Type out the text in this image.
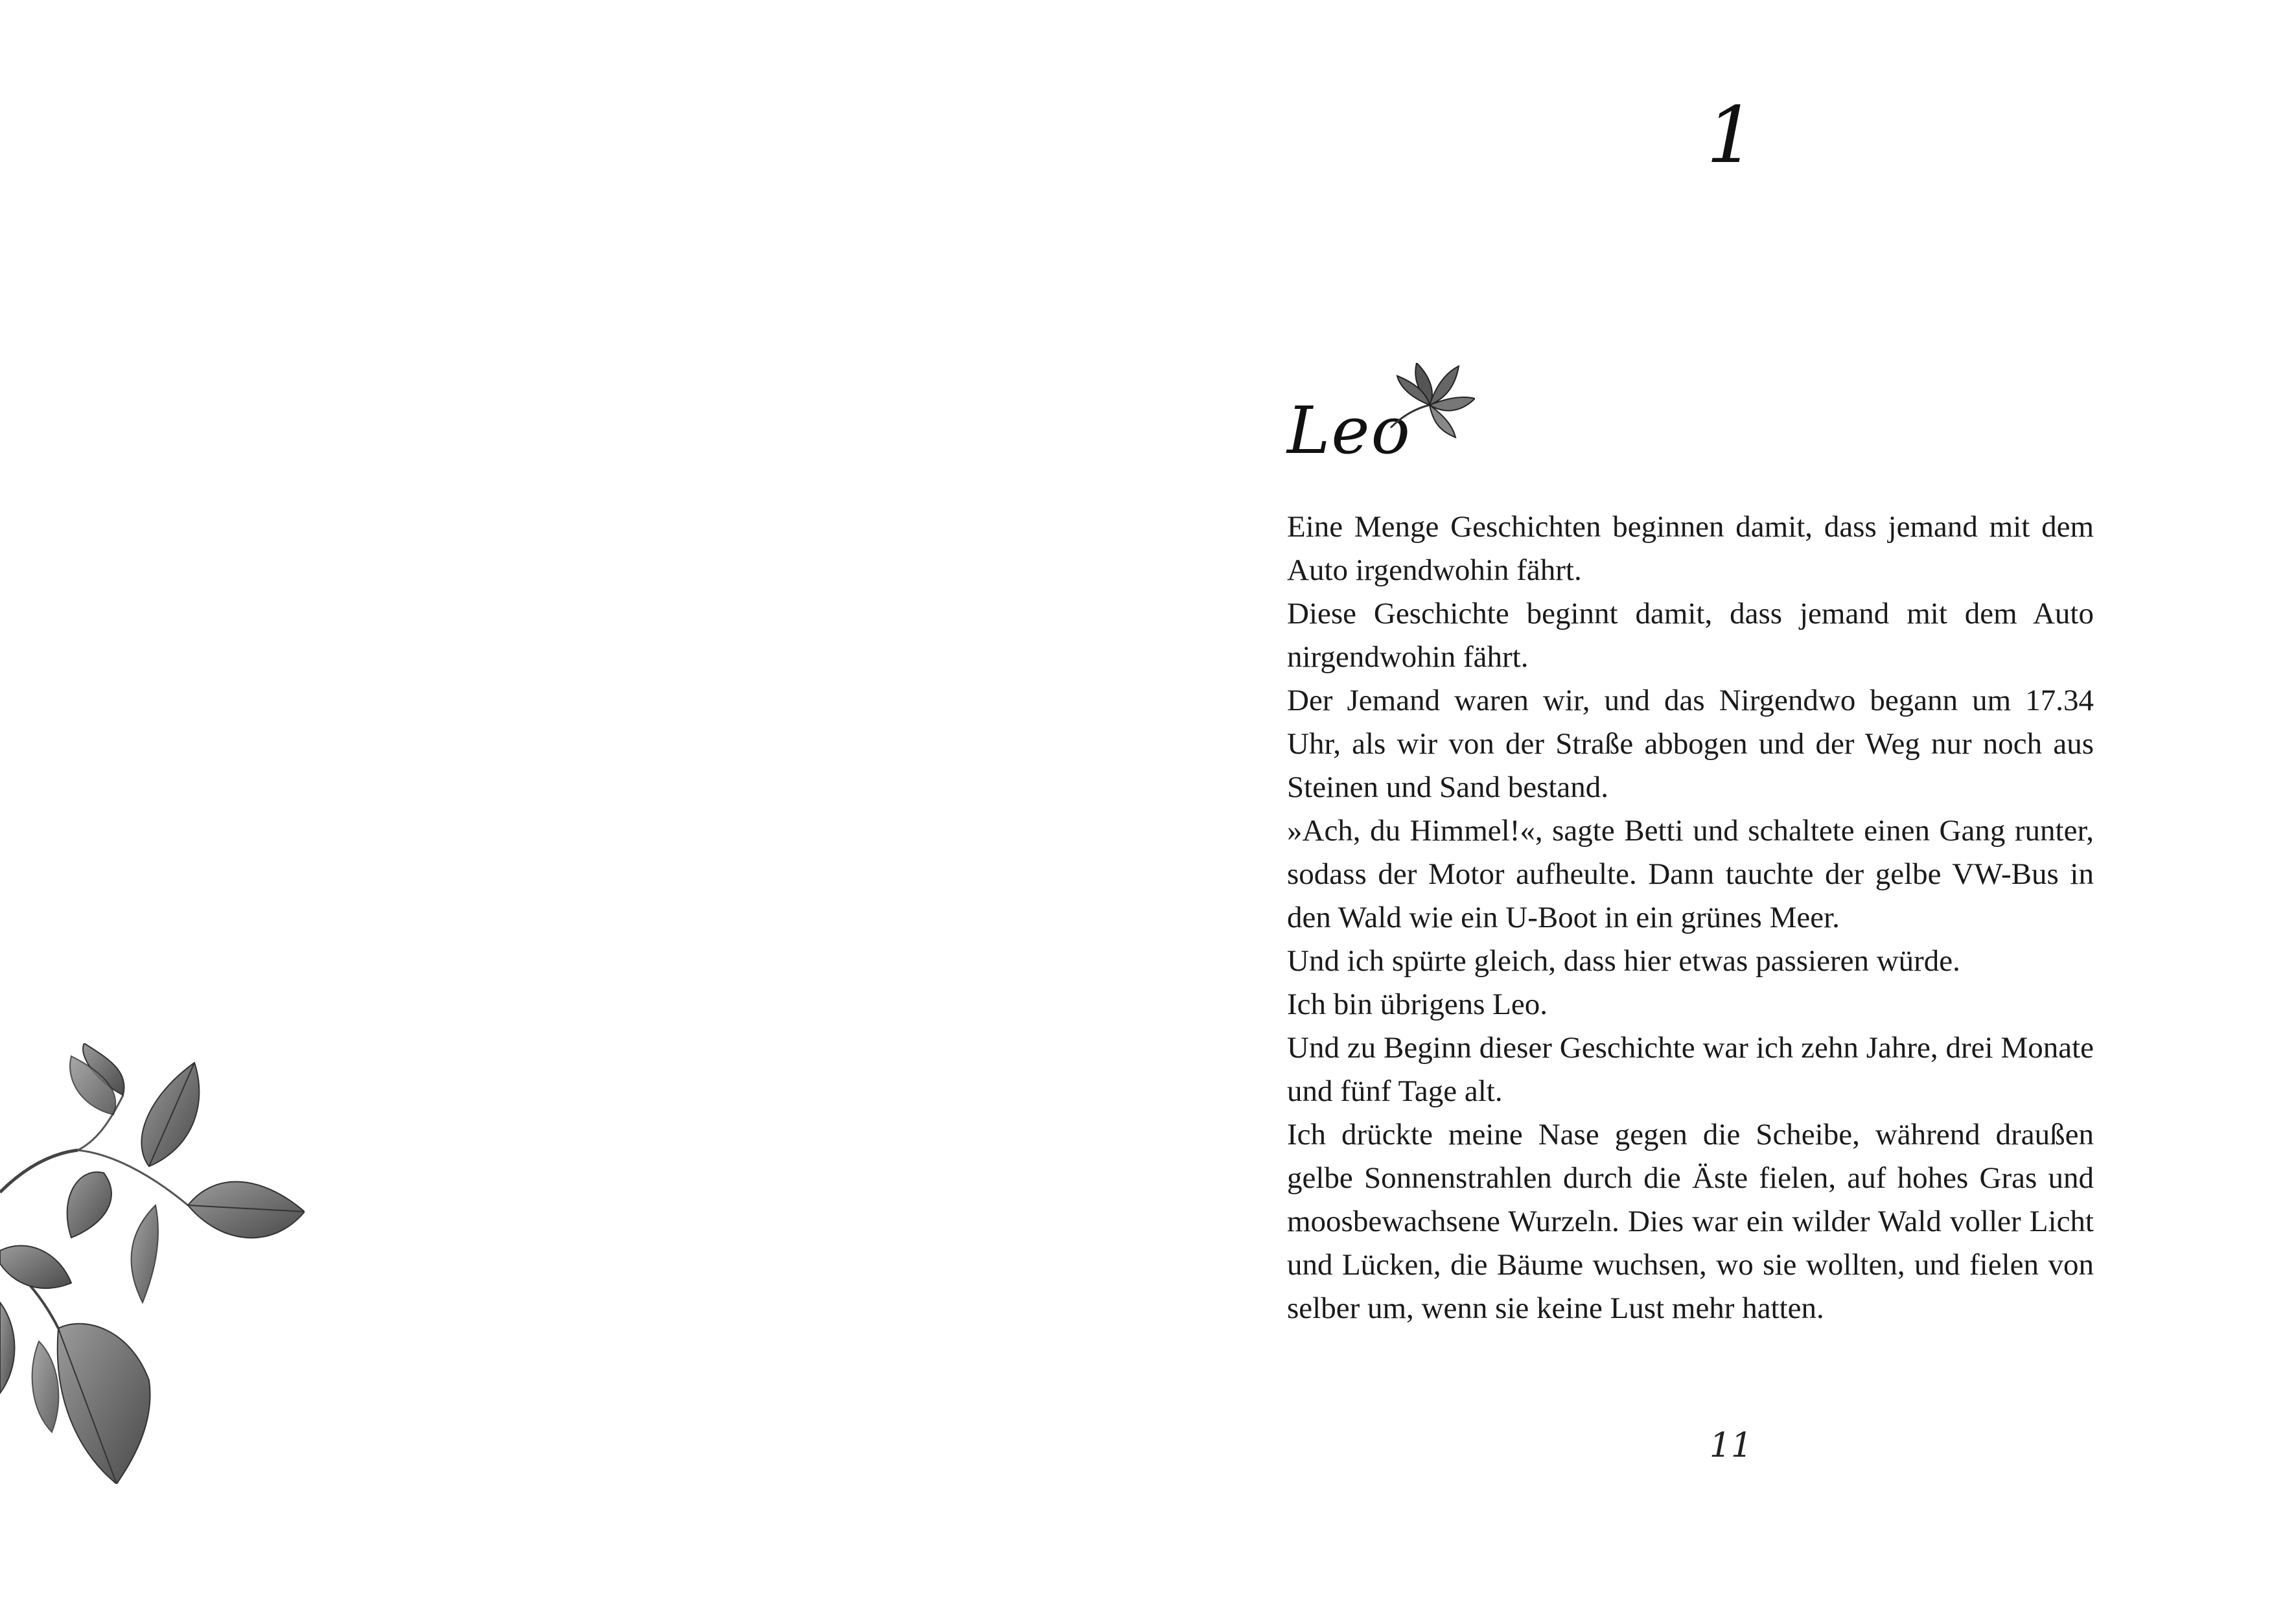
1
Leo

Eine Menge Geschichten beginnen damit, dass jemand mit dem Auto irgendwohin fährt.

Diese Geschichte beginnt damit, dass jemand mit dem Auto nirgendwohin fährt.

Der Jemand waren wir, und das Nirgendwo begann um 17.34 Uhr, als wir von der Straße abbogen und der Weg nur noch aus Steinen und Sand bestand.

»Ach, du Himmel!«, sagte Betti und schaltete einen Gang runter, sodass der Motor aufheulte. Dann tauchte der gelbe VW-Bus in den Wald wie ein U-Boot in ein grünes Meer.

Und ich spürte gleich, dass hier etwas passieren würde.

Ich bin übrigens Leo.

Und zu Beginn dieser Geschichte war ich zehn Jahre, drei Monate und fünf Tage alt.

Ich drückte meine Nase gegen die Scheibe, während draußen gelbe Sonnenstrahlen durch die Äste fielen, auf hohes Gras und moosbewachsene Wurzeln. Dies war ein wilder Wald voller Licht und Lücken, die Bäume wuchsen, wo sie wollten, und fielen von selber um, wenn sie keine Lust mehr hatten.

11
